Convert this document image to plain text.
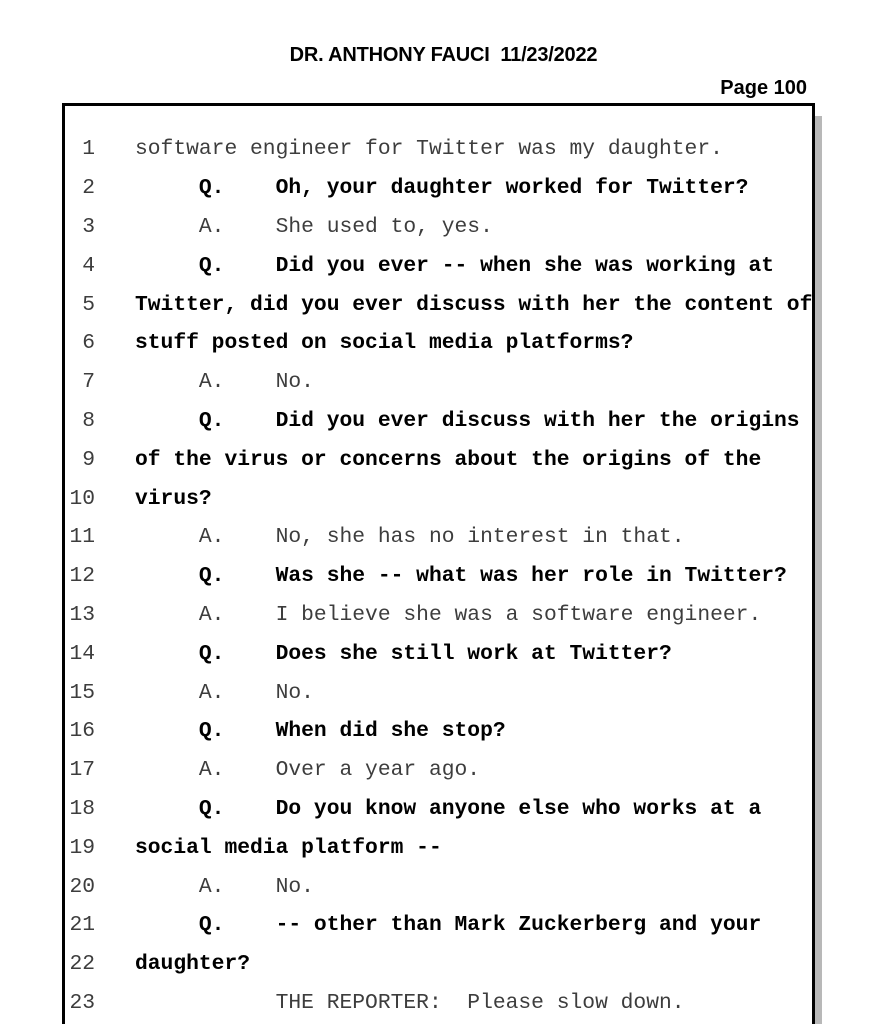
DR. ANTHONY FAUCI  11/23/2022
Page 100
1 software engineer for Twitter was my daughter.
2 Q.    Oh, your daughter worked for Twitter?
3 A.    She used to, yes.
4 Q.    Did you ever -- when she was working at
5 Twitter, did you ever discuss with her the content of
6 stuff posted on social media platforms?
7 A.    No.
8 Q.    Did you ever discuss with her the origins
9 of the virus or concerns about the origins of the
10 virus?
11 A.    No, she has no interest in that.
12 Q.    Was she -- what was her role in Twitter?
13 A.    I believe she was a software engineer.
14 Q.    Does she still work at Twitter?
15 A.    No.
16 Q.    When did she stop?
17 A.    Over a year ago.
18 Q.    Do you know anyone else who works at a
19 social media platform --
20 A.    No.
21 Q.    -- other than Mark Zuckerberg and your
22 daughter?
23 THE REPORTER:  Please slow down.
